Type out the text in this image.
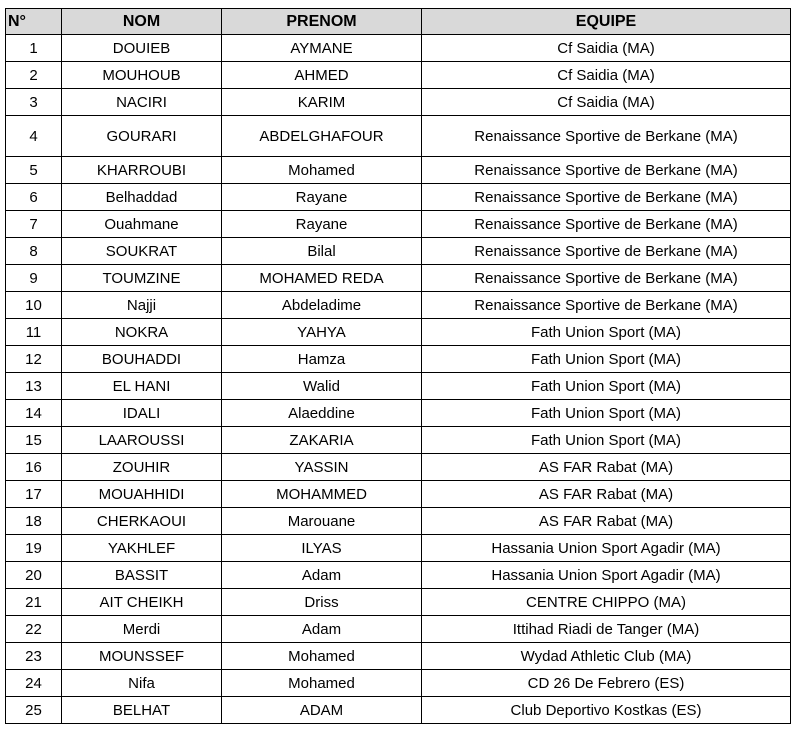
N°	NOM	PRENOM	EQUIPE
1	DOUIEB	AYMANE	Cf Saidia (MA)
2	MOUHOUB	AHMED	Cf Saidia (MA)
3	NACIRI	KARIM	Cf Saidia (MA)
4	GOURARI	ABDELGHAFOUR	Renaissance Sportive de Berkane (MA)
5	KHARROUBI	Mohamed	Renaissance Sportive de Berkane (MA)
6	Belhaddad	Rayane	Renaissance Sportive de Berkane (MA)
7	Ouahmane	Rayane	Renaissance Sportive de Berkane (MA)
8	SOUKRAT	Bilal	Renaissance Sportive de Berkane (MA)
9	TOUMZINE	MOHAMED REDA	Renaissance Sportive de Berkane (MA)
10	Najji	Abdeladime	Renaissance Sportive de Berkane (MA)
11	NOKRA	YAHYA	Fath Union Sport (MA)
12	BOUHADDI	Hamza	Fath Union Sport (MA)
13	EL HANI	Walid	Fath Union Sport (MA)
14	IDALI	Alaeddine	Fath Union Sport (MA)
15	LAAROUSSI	ZAKARIA	Fath Union Sport (MA)
16	ZOUHIR	YASSIN	AS FAR Rabat (MA)
17	MOUAHHIDI	MOHAMMED	AS FAR Rabat (MA)
18	CHERKAOUI	Marouane	AS FAR Rabat (MA)
19	YAKHLEF	ILYAS	Hassania Union Sport Agadir (MA)
20	BASSIT	Adam	Hassania Union Sport Agadir (MA)
21	AIT CHEIKH	Driss	CENTRE CHIPPO (MA)
22	Merdi	Adam	Ittihad Riadi de Tanger (MA)
23	MOUNSSEF	Mohamed	Wydad Athletic Club (MA)
24	Nifa	Mohamed	CD 26 De Febrero (ES)
25	BELHAT	ADAM	Club Deportivo Kostkas (ES)
